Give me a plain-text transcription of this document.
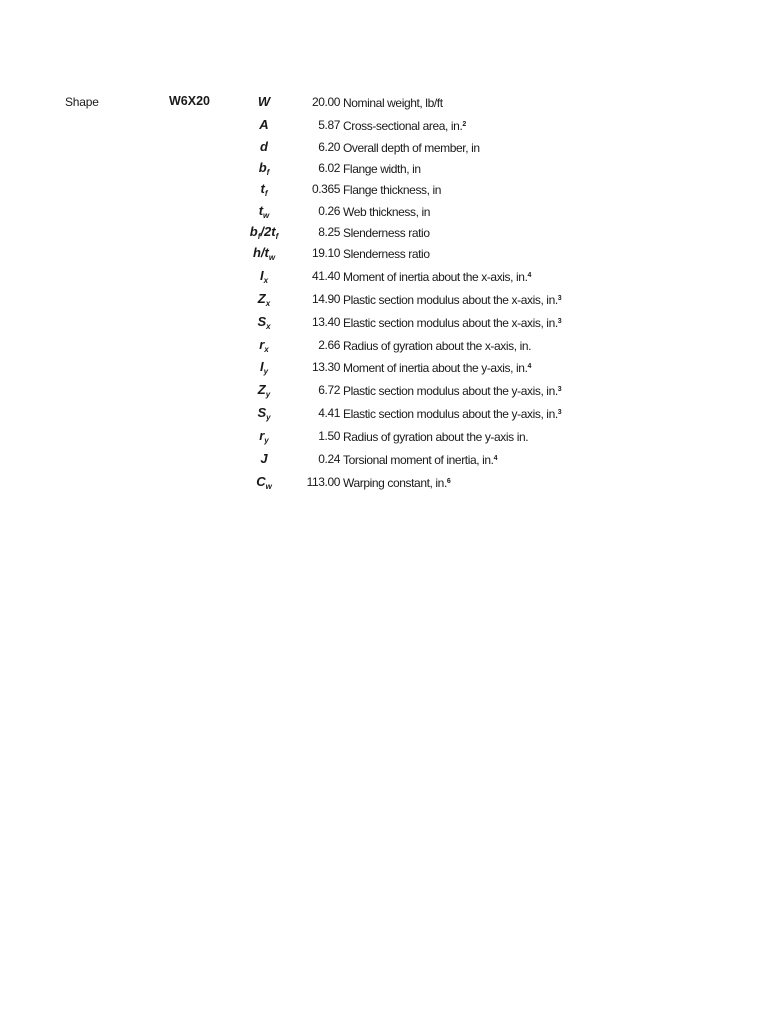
Shape	W6X20	W	20.00 Nominal weight, lb/ft
A	5.87 Cross-sectional area, in.$^2$
d	6.20 Overall depth of member, in
$b_f$	6.02 Flange width, in
$t_f$	0.365 Flange thickness, in
$t_w$	0.26 Web thickness, in
$b_f/2t_f$	8.25 Slenderness ratio
$h/t_w$	19.10 Slenderness ratio
$I_x$	41.40 Moment of inertia about the x-axis, in.$^4$
$Z_x$	14.90 Plastic section modulus about the x-axis, in.$^3$
$S_x$	13.40 Elastic section modulus about the x-axis, in.$^3$
$r_x$	2.66 Radius of gyration about the x-axis, in.
$I_y$	13.30 Moment of inertia about the y-axis, in.$^4$
$Z_y$	6.72 Plastic section modulus about the y-axis, in.$^3$
$S_y$	4.41 Elastic section modulus about the y-axis, in.$^3$
$r_y$	1.50 Radius of gyration about the y-axis in.
J	0.24 Torsional moment of inertia, in.$^4$
$C_w$	113.00 Warping constant, in.$^6$
